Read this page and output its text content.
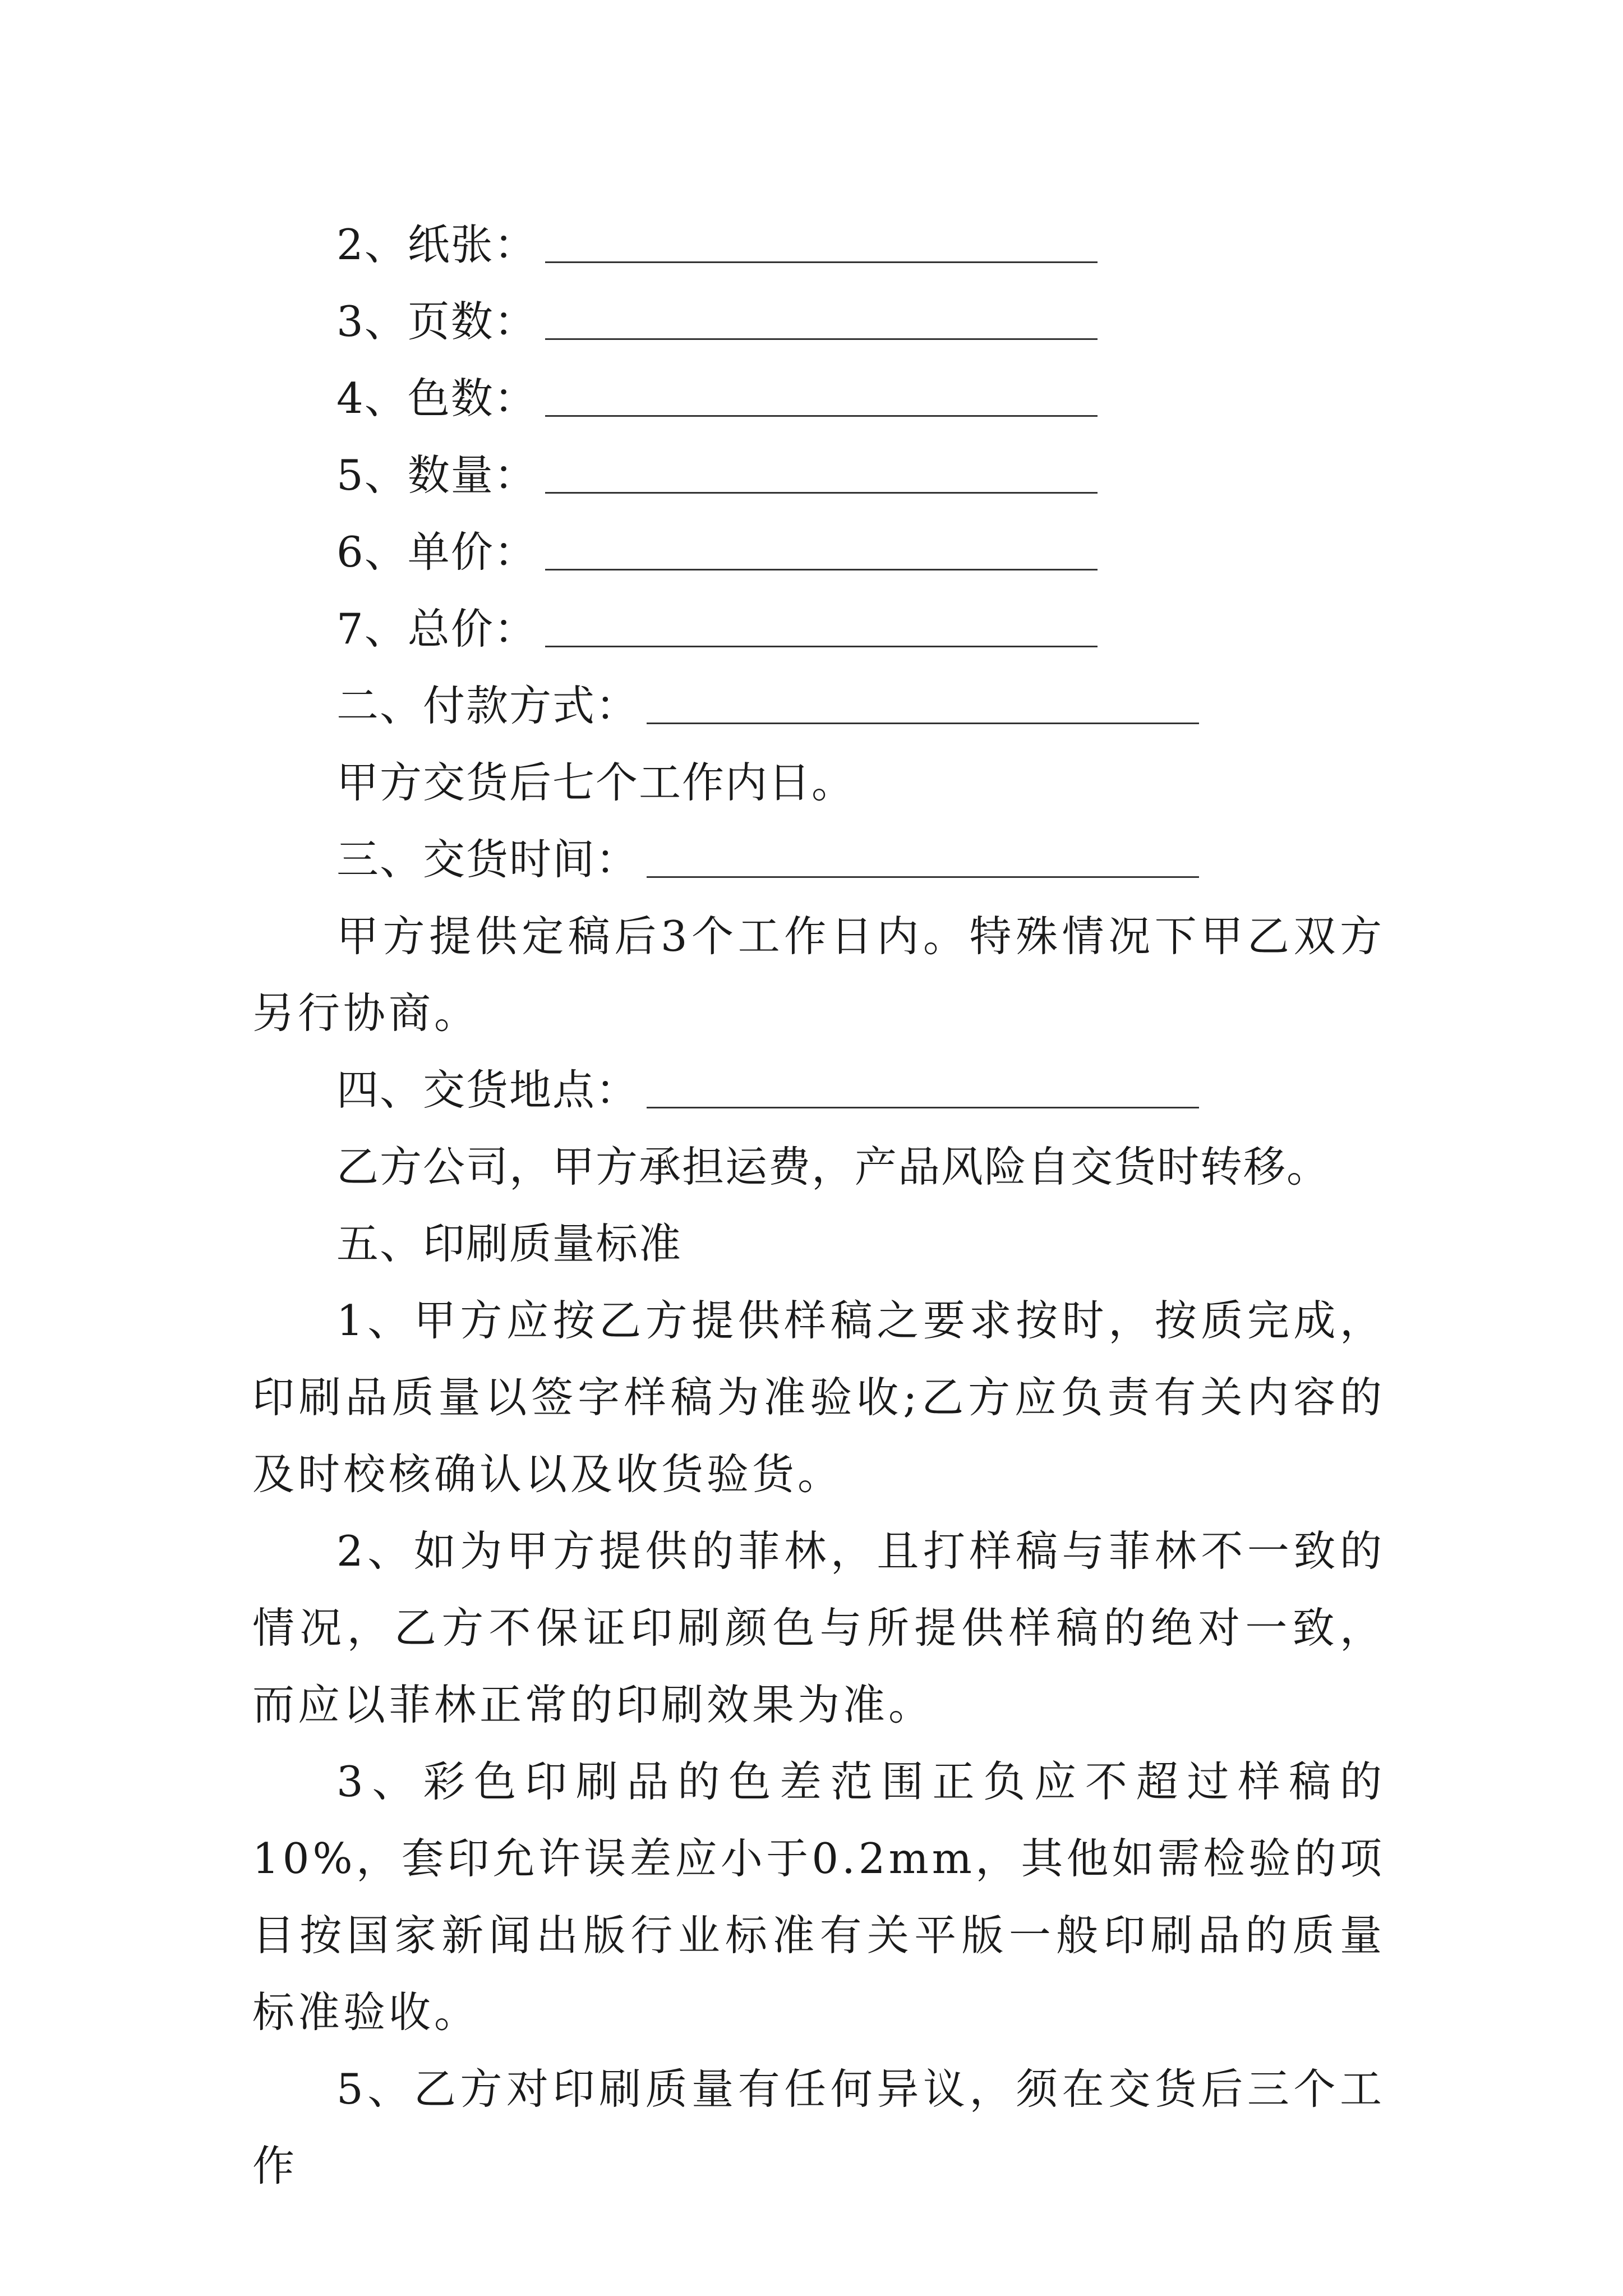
2、纸张：
3、页数：
4、色数：
5、数量：
6、单价：
7、总价：
二、付款方式：
甲方交货后七个工作内日。
三、交货时间：

甲方提供定稿后3个工作日内。特殊情况下甲乙双方另行协商。

四、交货地点：
乙方公司，甲方承担运费，产品风险自交货时转移。
五、印刷质量标准

1、甲方应按乙方提供样稿之要求按时，按质完成，印刷品质量以签字样稿为准验收;乙方应负责有关内容的及时校核确认以及收货验货。

2、如为甲方提供的菲林，且打样稿与菲林不一致的情况，乙方不保证印刷颜色与所提供样稿的绝对一致，而应以菲林正常的印刷效果为准。

3、彩色印刷品的色差范围正负应不超过样稿的10%，套印允许误差应小于0.2mm，其他如需检验的项目按国家新闻出版行业标准有关平版一般印刷品的质量标准验收。

5、乙方对印刷质量有任何异议，须在交货后三个工作
